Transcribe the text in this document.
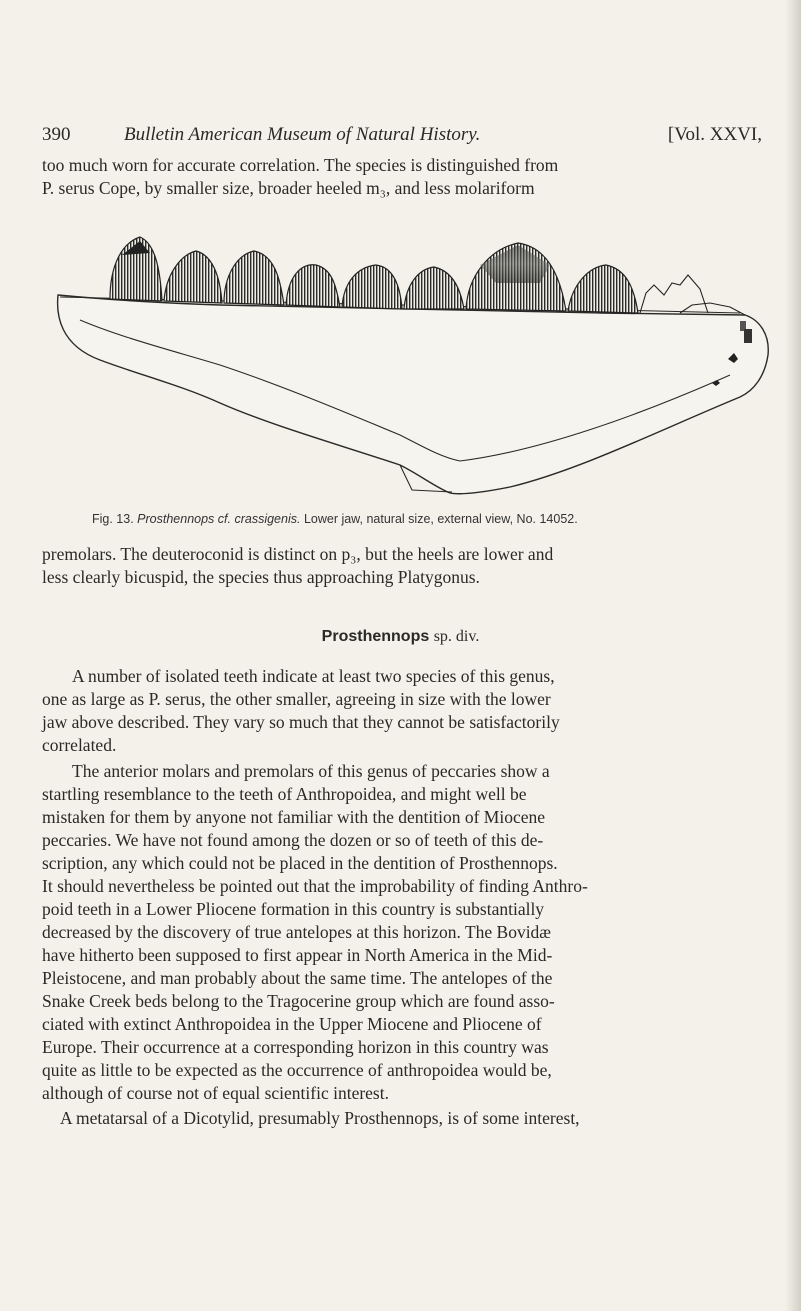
390	Bulletin American Museum of Natural History.	[Vol. XXVI,

too much worn for accurate correlation. The species is distinguished from
P. serus Cope, by smaller size, broader heeled m₃, and less molariform

Fig. 13. Prosthennops cf. crassigenis. Lower jaw, natural size, external view, No. 14052.

premolars. The deuteroconid is distinct on p₃, but the heels are lower and
less clearly bicuspid, the species thus approaching Platygonus.

Prosthennops sp. div.

A number of isolated teeth indicate at least two species of this genus,
one as large as P. serus, the other smaller, agreeing in size with the lower
jaw above described. They vary so much that they cannot be satisfactorily
correlated.

The anterior molars and premolars of this genus of peccaries show a
startling resemblance to the teeth of Anthropoidea, and might well be
mistaken for them by anyone not familiar with the dentition of Miocene
peccaries. We have not found among the dozen or so of teeth of this de-
scription, any which could not be placed in the dentition of Prosthennops.
It should nevertheless be pointed out that the improbability of finding Anthro-
poid teeth in a Lower Pliocene formation in this country is substantially
decreased by the discovery of true antelopes at this horizon. The Bovidæ
have hitherto been supposed to first appear in North America in the Mid-
Pleistocene, and man probably about the same time. The antelopes of the
Snake Creek beds belong to the Tragocerine group which are found asso-
ciated with extinct Anthropoidea in the Upper Miocene and Pliocene of
Europe. Their occurrence at a corresponding horizon in this country was
quite as little to be expected as the occurrence of anthropoidea would be,
although of course not of equal scientific interest.

A metatarsal of a Dicotylid, presumably Prosthennops, is of some interest,
